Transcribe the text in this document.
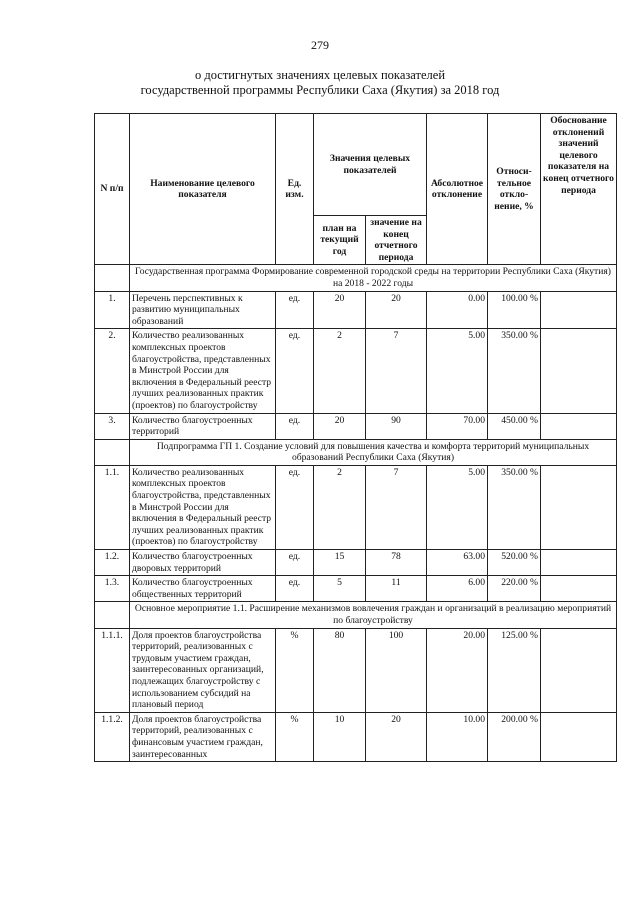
279
о достигнутых значениях целевых показателей
государственной программы Республики Саха (Якутия) за 2018 год
N п/п	Наименование целевого показателя	Ед. изм.	Значения целевых показателей		Абсолютное отклонение	Относи- тельное откло- нение, %	Обоснование отклонений значений целевого показателя на конец отчетного периода
			план на текущий год	значение на конец отчетного периода			
	Государственная программа Формирование современной городской среды на территории Республики Саха (Якутия) на 2018 - 2022 годы						
1.	Перечень перспективных к развитию муниципальных образований	ед.	20	20	0.00	100.00 %	
2.	Количество реализованных комплексных проектов благоустройства, представленных в Минстрой России для включения в Федеральный реестр лучших реализованных практик (проектов) по благоустройству	ед.	2	7	5.00	350.00 %	
3.	Количество благоустроенных территорий	ед.	20	90	70.00	450.00 %	
	Подпрограмма ГП 1. Создание условий для повышения качества и комфорта территорий муниципальных образований Республики Саха (Якутия)						
1.1.	Количество реализованных комплексных проектов благоустройства, представленных в Минстрой России для включения в Федеральный реестр лучших реализованных практик (проектов) по благоустройству	ед.	2	7	5.00	350.00 %	
1.2.	Количество благоустроенных дворовых территорий	ед.	15	78	63.00	520.00 %	
1.3.	Количество благоустроенных общественных территорий	ед.	5	11	6.00	220.00 %	
	Основное мероприятие 1.1. Расширение механизмов вовлечения граждан и организаций в реализацию мероприятий по благоустройству						
1.1.1.	Доля проектов благоустройства территорий, реализованных с трудовым участием граждан, заинтересованных организаций, подлежащих благоустройству с использованием субсидий на плановый период	%	80	100	20.00	125.00 %	
1.1.2.	Доля проектов благоустройства территорий, реализованных с финансовым участием граждан, заинтересованных	%	10	20	10.00	200.00 %	
